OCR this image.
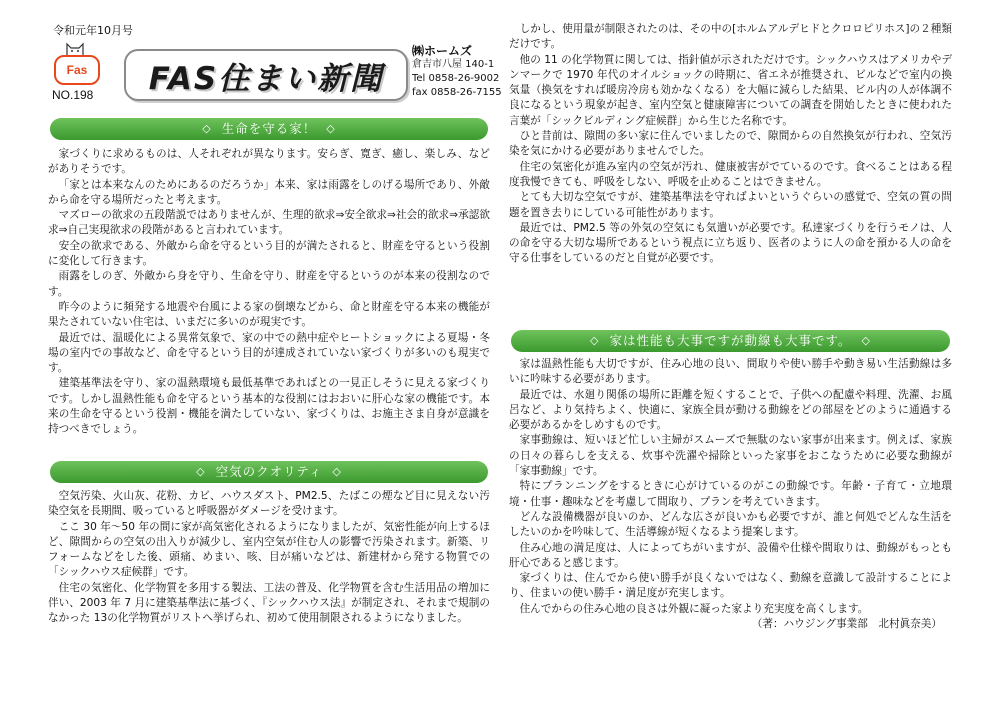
令和元年10月号
Fas
NO.198 FAS住まい新聞
㈱ホームズ
倉吉市八屋 140-1
Tel 0858-26-9002
fax 0858-26-7155
◇ 生命を守る家！ ◇

家づくりに求めるものは、人それぞれが異なります。安らぎ、寛ぎ、癒し、楽しみ、などがありそうです。

「家とは本来なんのためにあるのだろうか」本来、家は雨露をしのげる場所であり、外敵から命を守る場所だったと考えます。

マズローの欲求の五段階説ではありませんが、生理的欲求⇒安全欲求⇒社会的欲求⇒承認欲求⇒自己実現欲求の段階があると言われています。

安全の欲求である、外敵から命を守るという目的が満たされると、財産を守るという役割に変化して行きます。

雨露をしのぎ、外敵から身を守り、生命を守り、財産を守るというのが本来の役割なのです。

昨今のように頻発する地震や台風による家の倒壊などから、命と財産を守る本来の機能が果たされていない住宅は、いまだに多いのが現実です。

最近では、温暖化による異常気象で、家の中での熱中症やヒートショックによる夏場・冬場の室内での事故など、命を守るという目的が達成されていない家づくりが多いのも現実です。

建築基準法を守り、家の温熱環境も最低基準であればとの一見正しそうに見える家づくりです。しかし温熱性能も命を守るという基本的な役割にはおおいに肝心な家の機能です。本来の生命を守るという役割・機能を満たしていない、家づくりは、お施主さま自身が意識を持つべきでしょう。

◇ 空気のクオリティ ◇

空気汚染、火山灰、花粉、カビ、ハウスダスト、PM2.5、たばこの煙など目に見えない汚染空気を長期間、吸っていると呼吸器がダメージを受けます。

ここ 30 年〜50 年の間に家が高気密化されるようになりましたが、気密性能が向上するほど、隙間からの空気の出入りが減少し、室内空気が住む人の影響で汚染されます。新築、リフォームなどをした後、頭痛、めまい、咳、目が痛いなどは、新建材から発する物質での「シックハウス症候群」です。

住宅の気密化、化学物質を多用する製法、工法の普及、化学物質を含む生活用品の増加に伴い、2003 年 7 月に建築基準法に基づく、『シックハウス法』が制定され、それまで規制のなかった 13の化学物質がリストへ挙げられ、初めて使用制限されるようになりました。

しかし、使用量が制限されたのは、その中の[ホルムアルデヒドとクロロピリホス]の２種類だけです。

他の 11 の化学物質に関しては、指針値が示されただけです。シックハウスはアメリカやデンマークで 1970 年代のオイルショックの時期に、省エネが推奨され、ビルなどで室内の換気量（換気をすれば暖房冷房も効かなくなる）を大幅に減らした結果、ビル内の人が体調不良になるという現象が起き、室内空気と健康障害についての調査を開始したときに使われた言葉が「シックビルディング症候群」から生じた名称です。

ひと昔前は、隙間の多い家に住んでいましたので、隙間からの自然換気が行われ、空気汚染を気にかける必要がありませんでした。

住宅の気密化が進み室内の空気が汚れ、健康被害がでているのです。食べることはある程度我慢できても、呼吸をしない、呼吸を止めることはできません。

とても大切な空気ですが、建築基準法を守ればよいというぐらいの感覚で、空気の質の問題を置き去りにしている可能性があります。

最近では、PM2.5 等の外気の空気にも気遣いが必要です。私達家づくりを行うモノは、人の命を守る大切な場所であるという視点に立ち返り、医者のように人の命を預かる人の命を守る仕事をしているのだと自覚が必要です。

◇ 家は性能も大事ですが動線も大事です。 ◇

家は温熱性能も大切ですが、住み心地の良い、間取りや使い勝手や動き易い生活動線は多いに吟味する必要があります。

最近では、水廻り関係の場所に距離を短くすることで、子供への配慮や料理、洗濯、お風呂など、より気持ちよく、快適に、家族全員が動ける動線をどの部屋をどのように通過する必要があるかをしめすものです。

家事動線は、短いほど忙しい主婦がスムーズで無駄のない家事が出来ます。例えば、家族の日々の暮らしを支える、炊事や洗濯や掃除といった家事をおこなうために必要な動線が「家事動線」です。

特にプランニングをするときに心がけているのがこの動線です。年齢・子育て・立地環境・仕事・趣味などを考慮して間取り、プランを考えていきます。

どんな設備機器が良いのか、どんな広さが良いかも必要ですが、誰と何処でどんな生活をしたいのかを吟味して、生活導線が短くなるよう提案します。

住み心地の満足度は、人によってちがいますが、設備や仕様や間取りは、動線がもっとも肝心であると感じます。

家づくりは、住んでから使い勝手が良くないではなく、動線を意識して設計することにより、住まいの使い勝手・満足度が充実します。

住んでからの住み心地の良さは外観に凝った家より充実度を高くします。

（著：ハウジング事業部　北村眞奈美）
